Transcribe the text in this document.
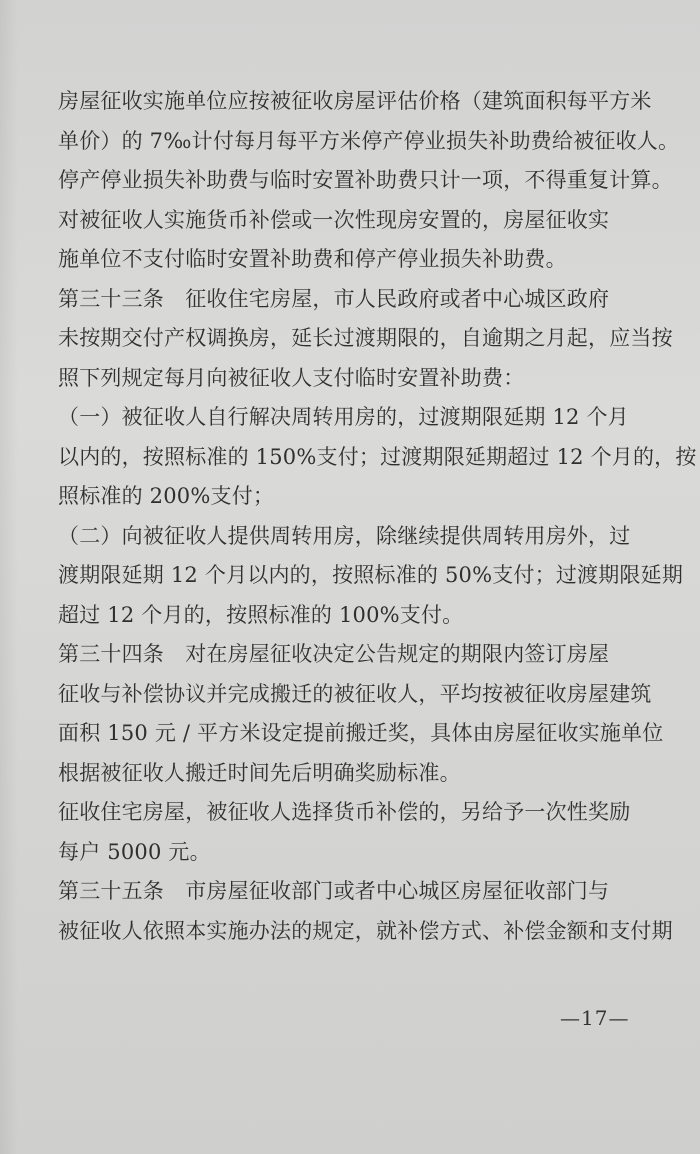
房屋征收实施单位应按被征收房屋评估价格（建筑面积每平方米
单价）的 7‰计付每月每平方米停产停业损失补助费给被征收人。
停产停业损失补助费与临时安置补助费只计一项，不得重复计算。
对被征收人实施货币补偿或一次性现房安置的，房屋征收实
施单位不支付临时安置补助费和停产停业损失补助费。
第三十三条　征收住宅房屋，市人民政府或者中心城区政府
未按期交付产权调换房，延长过渡期限的，自逾期之月起，应当按
照下列规定每月向被征收人支付临时安置补助费：
（一）被征收人自行解决周转用房的，过渡期限延期 12 个月
以内的，按照标准的 150%支付；过渡期限延期超过 12 个月的，按
照标准的 200%支付；
（二）向被征收人提供周转用房，除继续提供周转用房外，过
渡期限延期 12 个月以内的，按照标准的 50%支付；过渡期限延期
超过 12 个月的，按照标准的 100%支付。
第三十四条　对在房屋征收决定公告规定的期限内签订房屋
征收与补偿协议并完成搬迁的被征收人，平均按被征收房屋建筑
面积 150 元 / 平方米设定提前搬迁奖，具体由房屋征收实施单位
根据被征收人搬迁时间先后明确奖励标准。
征收住宅房屋，被征收人选择货币补偿的，另给予一次性奖励
每户 5000 元。
第三十五条　市房屋征收部门或者中心城区房屋征收部门与
被征收人依照本实施办法的规定，就补偿方式、补偿金额和支付期
—17—
